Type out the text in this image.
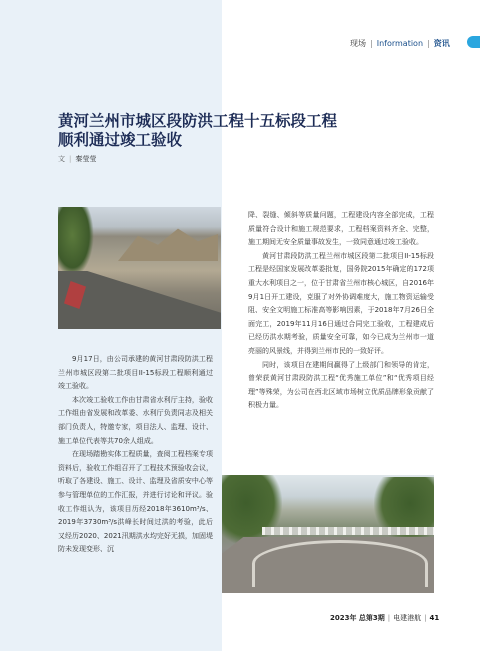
现场 | Information | 资讯
黄河兰州市城区段防洪工程十五标段工程
顺利通过竣工验收
文 | 秦莹莹

9月17日，由公司承建的黄河甘肃段防洪工程兰州市城区段第二批项目II-15标段工程顺利通过竣工验收。

本次竣工验收工作由甘肃省水利厅主持，验收工作组由省发展和改革委、水利厅负责同志及相关部门负责人，特邀专家，项目法人、监理、设计、施工单位代表等共70余人组成。

在现场踏勘实体工程质量，查阅工程档案专项资料后，验收工作组召开了工程技术预验收会议，听取了各建设、施工、设计、监理及省质安中心等参与管理单位的工作汇报，并进行讨论和评议。验收工作组认为，该项目历经2018年3610m³/s、2019年3730m³/s洪峰长时间过洪的考验，此后又经历2020、2021汛期洪水均完好无损，加固堤防未发现变形、沉

降、裂缝、倾斜等质量问题，工程建设内容全部完成，工程质量符合设计和施工规范要求，工程档案资料齐全、完整，施工期间无安全质量事故发生，一致同意通过竣工验收。

黄河甘肃段防洪工程兰州市城区段第二批项目II-15标段工程是经国家发展改革委批复，国务院2015年确定的172项重大水利项目之一，位于甘肃省兰州市核心城区，自2016年9月1日开工建设，克服了对外协调难度大，施工物资运输受阻、安全文明施工标准高等影响因素，于2018年7月26日全面完工，2019年11月16日通过合同完工验收，工程建成后已经历洪水期考验，质量安全可靠，如今已成为兰州市一道亮丽的风景线，并得到兰州市民的一致好评。

同时，该项目在建期间赢得了上级部门和领导的肯定，曾荣获黄河甘肃段防洪工程“优秀施工单位”和“优秀项目经理”等殊荣，为公司在西北区域市场树立优质品牌形象贡献了积极力量。

2023年 总第3期 | 电建港航 | 41
